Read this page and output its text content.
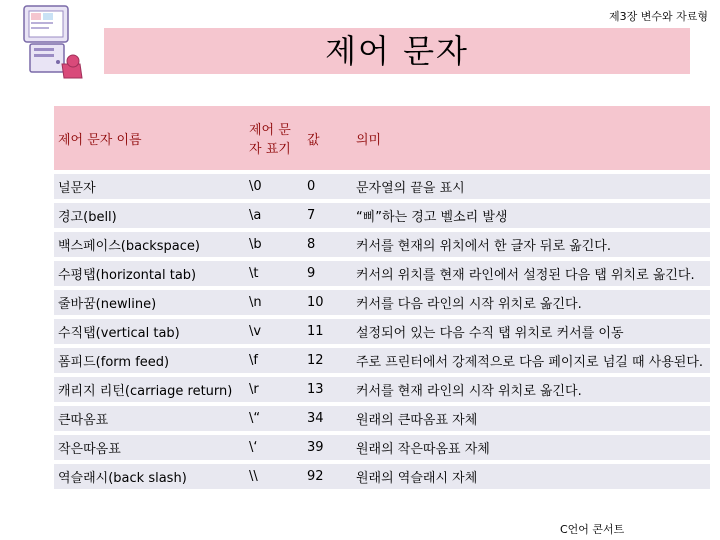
제3장 변수와 자료형
제어 문자
제어 문자 이름	제어 문자 표기	값	의미

널문자	\0	0	문자열의 끝을 표시

경고(bell)	\a	7	“삐”하는 경고 벨소리 발생

백스페이스(backspace)	\b	8	커서를 현재의 위치에서 한 글자 뒤로 옮긴다.

수평탭(horizontal tab)	\t	9	커서의 위치를 현재 라인에서 설정된 다음 탭 위치로 옮긴다.

줄바꿈(newline)	\n	10	커서를 다음 라인의 시작 위치로 옮긴다.

수직탭(vertical tab)	\v	11	설정되어 있는 다음 수직 탭 위치로 커서를 이동

폼피드(form feed)	\f	12	주로 프린터에서 강제적으로 다음 페이지로 넘길 때 사용된다.

캐리지 리턴(carriage return)	\r	13	커서를 현재 라인의 시작 위치로 옮긴다.

큰따옴표	\“	34	원래의 큰따옴표 자체

작은따옴표	\‘	39	원래의 작은따옴표 자체

역슬래시(back slash)	\\	92	원래의 역슬래시 자체
C언어 콘서트
